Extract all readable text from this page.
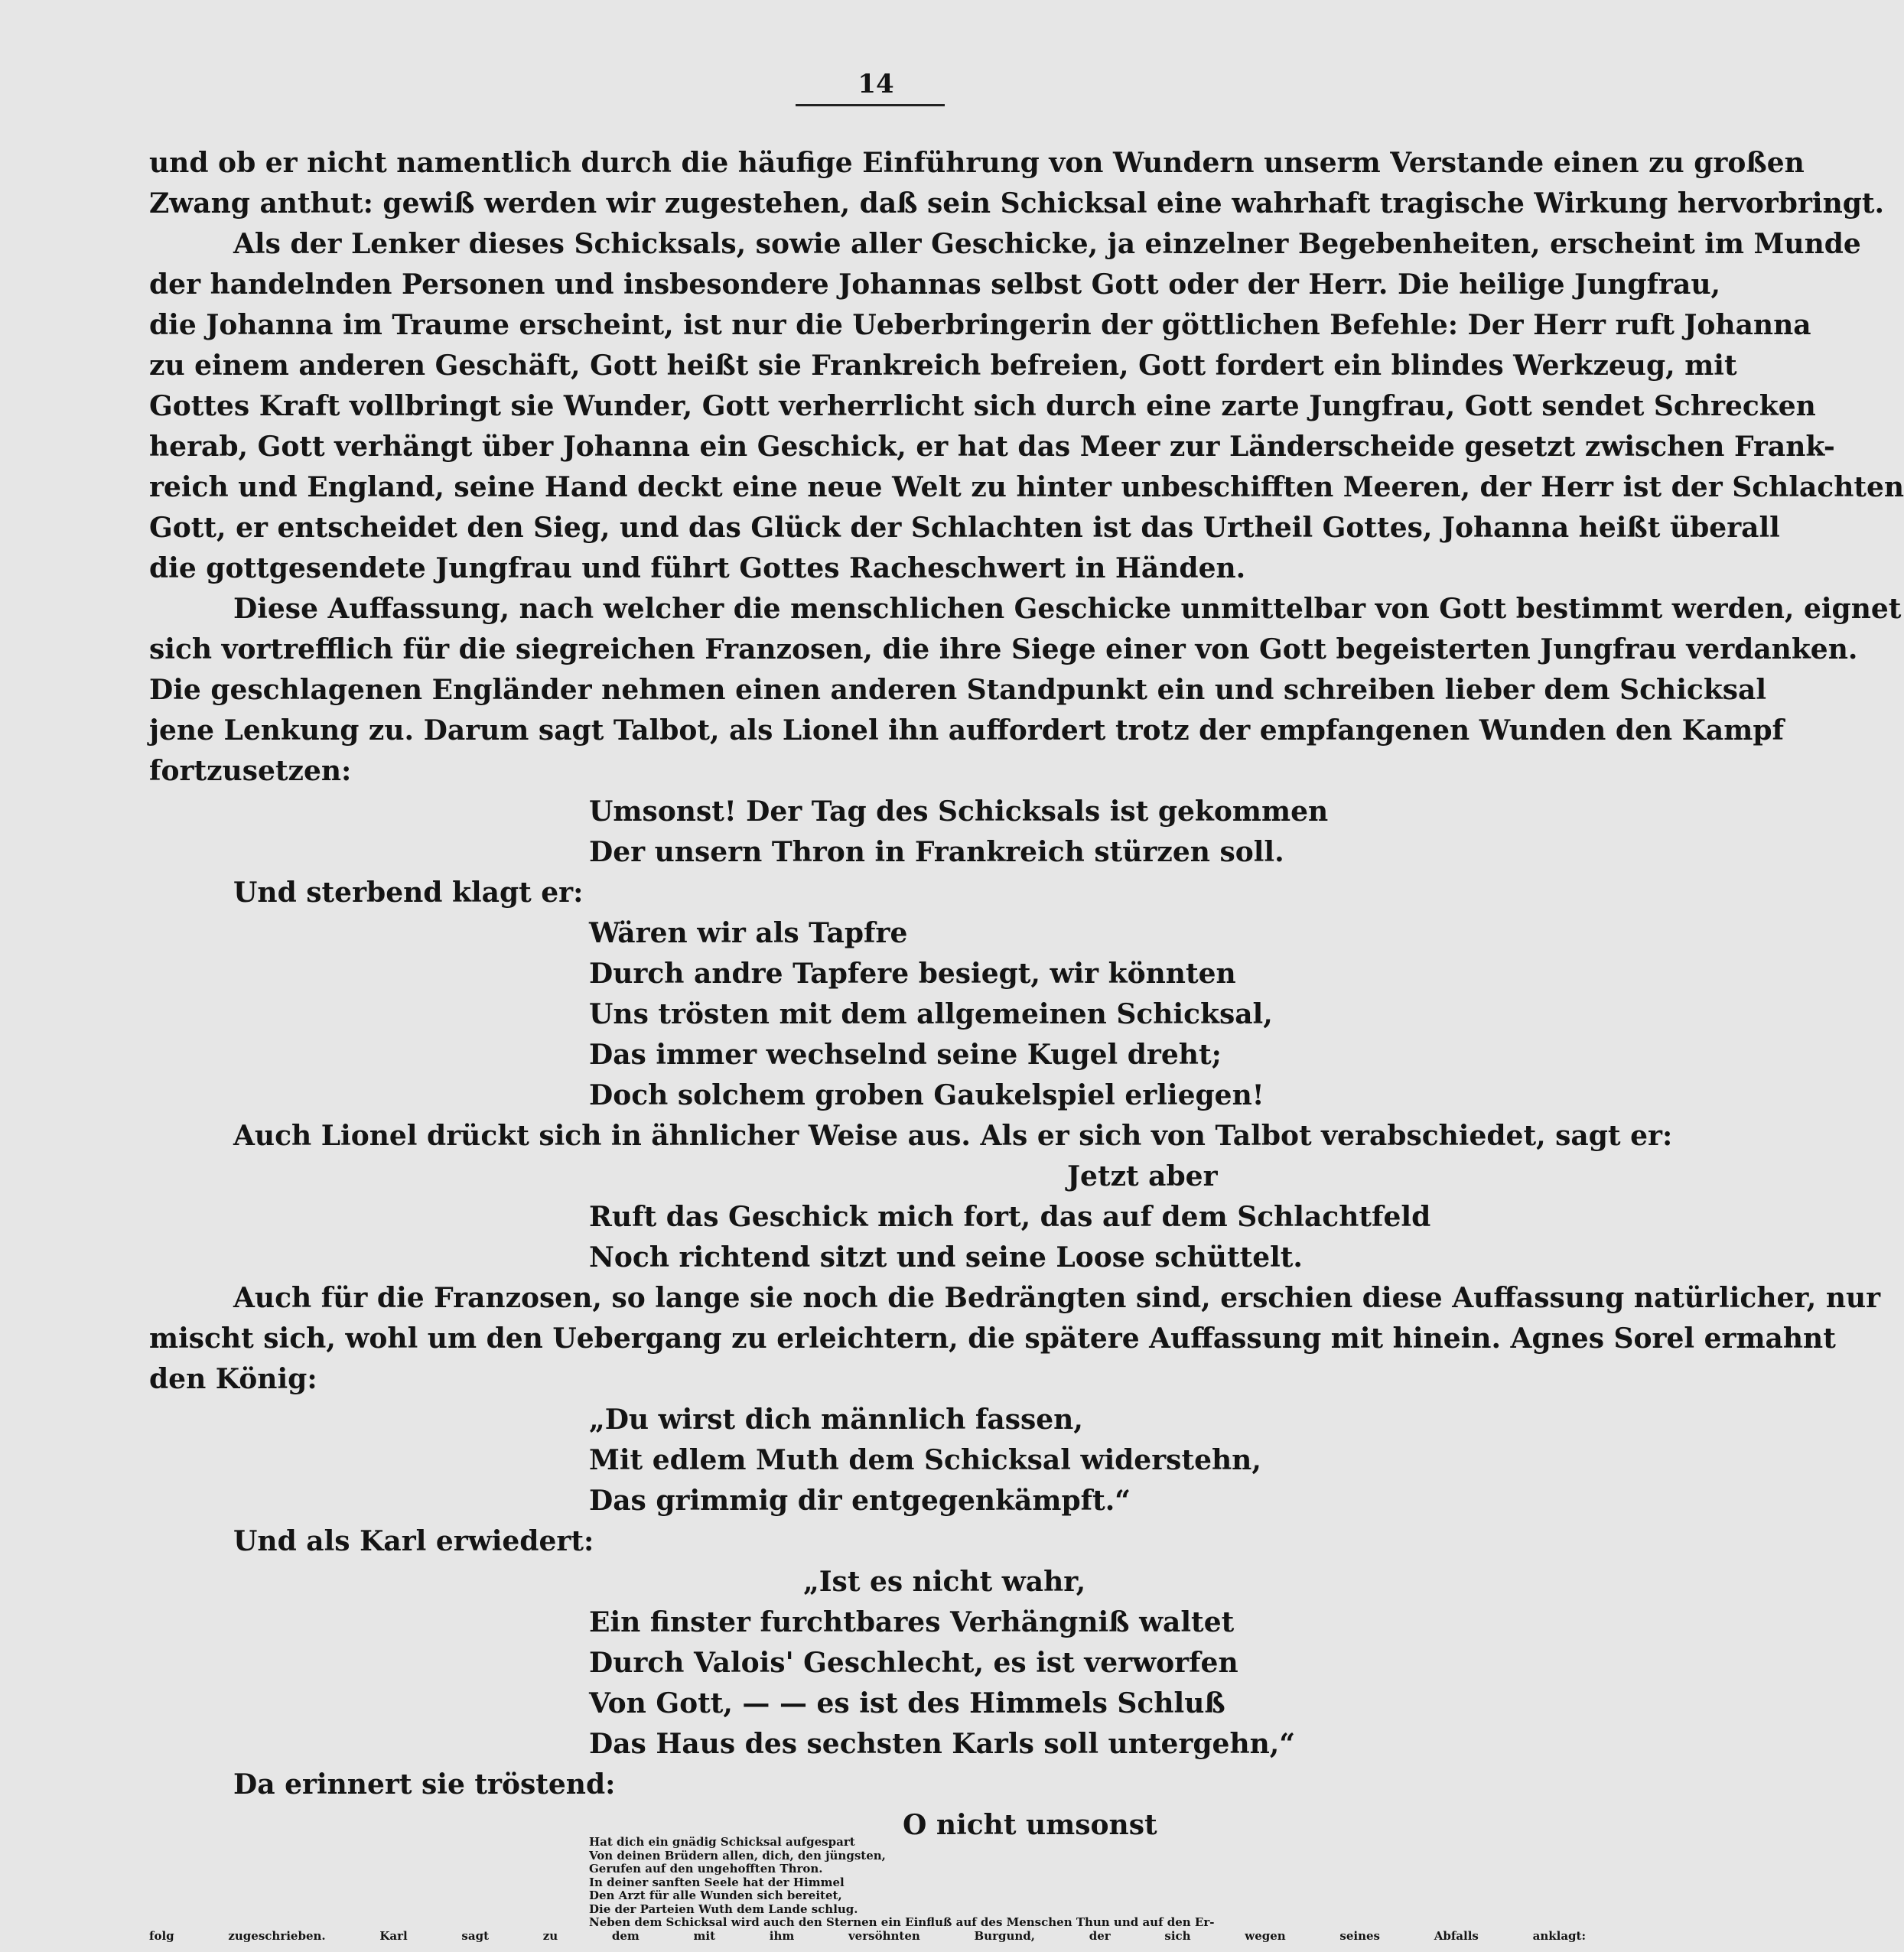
14
und ob er nicht namentlich durch die häufige Einführung von Wundern unserm Verstande einen zu großen
Zwang anthut: gewiß werden wir zugestehen, daß sein Schicksal eine wahrhaft tragische Wirkung hervorbringt.
Als der Lenker dieses Schicksals, sowie aller Geschicke, ja einzelner Begebenheiten, erscheint im Munde
der handelnden Personen und insbesondere Johannas selbst Gott oder der Herr. Die heilige Jungfrau,
die Johanna im Traume erscheint, ist nur die Ueberbringerin der göttlichen Befehle: Der Herr ruft Johanna
zu einem anderen Geschäft, Gott heißt sie Frankreich befreien, Gott fordert ein blindes Werkzeug, mit
Gottes Kraft vollbringt sie Wunder, Gott verherrlicht sich durch eine zarte Jungfrau, Gott sendet Schrecken
herab, Gott verhängt über Johanna ein Geschick, er hat das Meer zur Länderscheide gesetzt zwischen Frank-
reich und England, seine Hand deckt eine neue Welt zu hinter unbeschifften Meeren, der Herr ist der Schlachten
Gott, er entscheidet den Sieg, und das Glück der Schlachten ist das Urtheil Gottes, Johanna heißt überall
die gottgesendete Jungfrau und führt Gottes Racheschwert in Händen.
Diese Auffassung, nach welcher die menschlichen Geschicke unmittelbar von Gott bestimmt werden, eignet
sich vortrefflich für die siegreichen Franzosen, die ihre Siege einer von Gott begeisterten Jungfrau verdanken.
Die geschlagenen Engländer nehmen einen anderen Standpunkt ein und schreiben lieber dem Schicksal
jene Lenkung zu. Darum sagt Talbot, als Lionel ihn auffordert trotz der empfangenen Wunden den Kampf
fortzusetzen:
Umsonst! Der Tag des Schicksals ist gekommen
Der unsern Thron in Frankreich stürzen soll.
Und sterbend klagt er:
Wären wir als Tapfre
Durch andre Tapfere besiegt, wir könnten
Uns trösten mit dem allgemeinen Schicksal,
Das immer wechselnd seine Kugel dreht;
Doch solchem groben Gaukelspiel erliegen!
Auch Lionel drückt sich in ähnlicher Weise aus. Als er sich von Talbot verabschiedet, sagt er:
Jetzt aber
Ruft das Geschick mich fort, das auf dem Schlachtfeld
Noch richtend sitzt und seine Loose schüttelt.
Auch für die Franzosen, so lange sie noch die Bedrängten sind, erschien diese Auffassung natürlicher, nur
mischt sich, wohl um den Uebergang zu erleichtern, die spätere Auffassung mit hinein. Agnes Sorel ermahnt
den König:
„Du wirst dich männlich fassen,
Mit edlem Muth dem Schicksal widerstehn,
Das grimmig dir entgegenkämpft.“
Und als Karl erwiedert:
„Ist es nicht wahr,
Ein finster furchtbares Verhängniß waltet
Durch Valois' Geschlecht, es ist verworfen
Von Gott, — — es ist des Himmels Schluß
Das Haus des sechsten Karls soll untergehn,“
Da erinnert sie tröstend:
O nicht umsonst
Hat dich ein gnädig Schicksal aufgespart
Von deinen Brüdern allen, dich, den jüngsten,
Gerufen auf den ungehofften Thron.
In deiner sanften Seele hat der Himmel
Den Arzt für alle Wunden sich bereitet,
Die der Parteien Wuth dem Lande schlug.
Neben dem Schicksal wird auch den Sternen ein Einfluß auf des Menschen Thun und auf den Er-
folg zugeschrieben. Karl sagt zu dem mit ihm versöhnten Burgund, der sich wegen seines Abfalls anklagt:
